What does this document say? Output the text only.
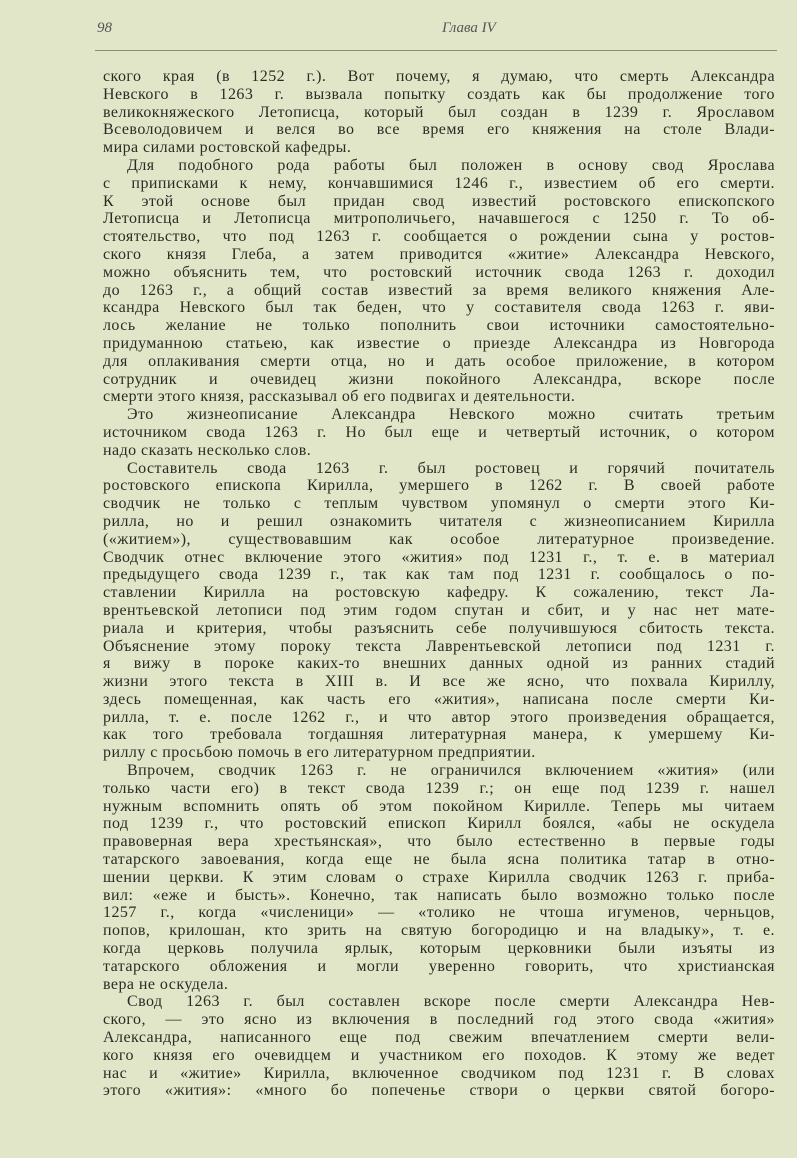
98	Глава IV
ского края (в 1252 г.). Вот почему, я думаю, что смерть Александра
Невского в 1263 г. вызвала попытку создать как бы продолжение того
великокняжеского Летописца, который был создан в 1239 г. Ярославом
Всеволодовичем и велся во все время его княжения на столе Влади-
мира силами ростовской кафедры.
Для подобного рода работы был положен в основу свод Ярослава
с приписками к нему, кончавшимися 1246 г., известием об его смерти.
К этой основе был придан свод известий ростовского епископского
Летописца и Летописца митрополичьего, начавшегося с 1250 г. То об-
стоятельство, что под 1263 г. сообщается о рождении сына у ростов-
ского князя Глеба, а затем приводится «житие» Александра Невского,
можно объяснить тем, что ростовский источник свода 1263 г. доходил
до 1263 г., а общий состав известий за время великого княжения Але-
ксандра Невского был так беден, что у составителя свода 1263 г. яви-
лось желание не только пополнить свои источники самостоятельно-
придуманною статьею, как известие о приезде Александра из Новгорода
для оплакивания смерти отца, но и дать особое приложение, в котором
сотрудник и очевидец жизни покойного Александра, вскоре после
смерти этого князя, рассказывал об его подвигах и деятельности.
Это жизнеописание Александра Невского можно считать третьим
источником свода 1263 г. Но был еще и четвертый источник, о котором
надо сказать несколько слов.
Составитель свода 1263 г. был ростовец и горячий почитатель
ростовского епископа Кирилла, умершего в 1262 г. В своей работе
сводчик не только с теплым чувством упомянул о смерти этого Ки-
рилла, но и решил ознакомить читателя с жизнеописанием Кирилла
(«житием»), существовавшим как особое литературное произведение.
Сводчик отнес включение этого «жития» под 1231 г., т. е. в материал
предыдущего свода 1239 г., так как там под 1231 г. сообщалось о по-
ставлении Кирилла на ростовскую кафедру. К сожалению, текст Ла-
врентьевской летописи под этим годом спутан и сбит, и у нас нет мате-
риала и критерия, чтобы разъяснить себе получившуюся сбитость текста.
Объяснение этому пороку текста Лаврентьевской летописи под 1231 г.
я вижу в пороке каких-то внешних данных одной из ранних стадий
жизни этого текста в XIII в. И все же ясно, что похвала Кириллу,
здесь помещенная, как часть его «жития», написана после смерти Ки-
рилла, т. е. после 1262 г., и что автор этого произведения обращается,
как того требовала тогдашняя литературная манера, к умершему Ки-
риллу с просьбою помочь в его литературном предприятии.
Впрочем, сводчик 1263 г. не ограничился включением «жития» (или
только части его) в текст свода 1239 г.; он еще под 1239 г. нашел
нужным вспомнить опять об этом покойном Кирилле. Теперь мы читаем
под 1239 г., что ростовский епископ Кирилл боялся, «абы не оскудела
правоверная вера хрестьянская», что было естественно в первые годы
татарского завоевания, когда еще не была ясна политика татар в отно-
шении церкви. К этим словам о страхе Кирилла сводчик 1263 г. приба-
вил: «еже и бысть». Конечно, так написать было возможно только после
1257 г., когда «численици» — «толико не чтоша игуменов, черньцов,
попов, крилошан, кто зрить на святую богородицю и на владыку», т. е.
когда церковь получила ярлык, которым церковники были изъяты из
татарского обложения и могли уверенно говорить, что христианская
вера не оскудела.
Свод 1263 г. был составлен вскоре после смерти Александра Нев-
ского, — это ясно из включения в последний год этого свода «жития»
Александра, написанного еще под свежим впечатлением смерти вели-
кого князя его очевидцем и участником его походов. К этому же ведет
нас и «житие» Кирилла, включенное сводчиком под 1231 г. В словах
этого «жития»: «много бо попеченье створи о церкви святой богоро-
